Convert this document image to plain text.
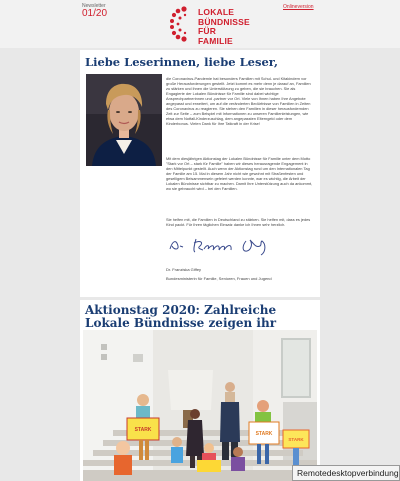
Newsletter
01/20	LOKALE
BÜNDNISSE
FÜR FAMILIE
Onlineversion
Liebe Leserinnen, liebe Leser,
die Coronavirus-Pandemie hat besonders Familien mit Schul- und Kitakindern vor große Herausforderungen gestellt. Jetzt kommt es mehr denn je darauf an, Familien zu stärken und ihnen die Unterstützung zu geben, die sie brauchen. Sie als Engagierte der Lokalen Bündnisse für Familie sind dabei wichtige Ansprechpartnerinnen und -partner vor Ort. Viele von Ihnen haben Ihre Angebote angepasst und erweitert, um auf die veränderten Bedürfnisse von Familien in Zeiten des Coronavirus zu reagieren. Sie stehen den Familien in dieser herausfordernden Zeit zur Seite – zum Beispiel mit Informationen zu unseren Familienleistungen, wie etwa dem Notfall-Kinderzuschlag, dem angepassten Elterngeld oder dem Kinderbonus. Vielen Dank für Ihre Tatkraft in der Krise!
Mit dem diesjährigen Aktionstag der Lokalen Bündnisse für Familie unter dem Motto "Stark vor Ort – stark für Familie" haben wir dieses herausragende Engagement in den Mittelpunkt gestellt. Auch wenn der Aktionstag rund um den Internationalen Tag der Familie am 15. Mai in diesem Jahr nicht wie gewohnt mit Straßenfesten und geselligem Beisammensein gefeiert werden konnte, war es wichtig, die Arbeit der Lokalen Bündnisse sichtbar zu machen. Damit Ihre Unterstützung auch da ankommt, wo sie gebraucht wird – bei den Familien.
Sie helfen mit, die Familien in Deutschland zu stärken. Sie helfen mit, dass es jedes Kind packt. Für Ihren täglichen Einsatz danke ich Ihnen sehr herzlich.
Dr. Franziska Giffey
Bundesministerin für Familie, Senioren, Frauen und Jugend
Aktionstag 2020: Zahlreiche Lokale Bündnisse zeigen ihr
STARK
STARK
STARK
Remotedesktopverbindung
